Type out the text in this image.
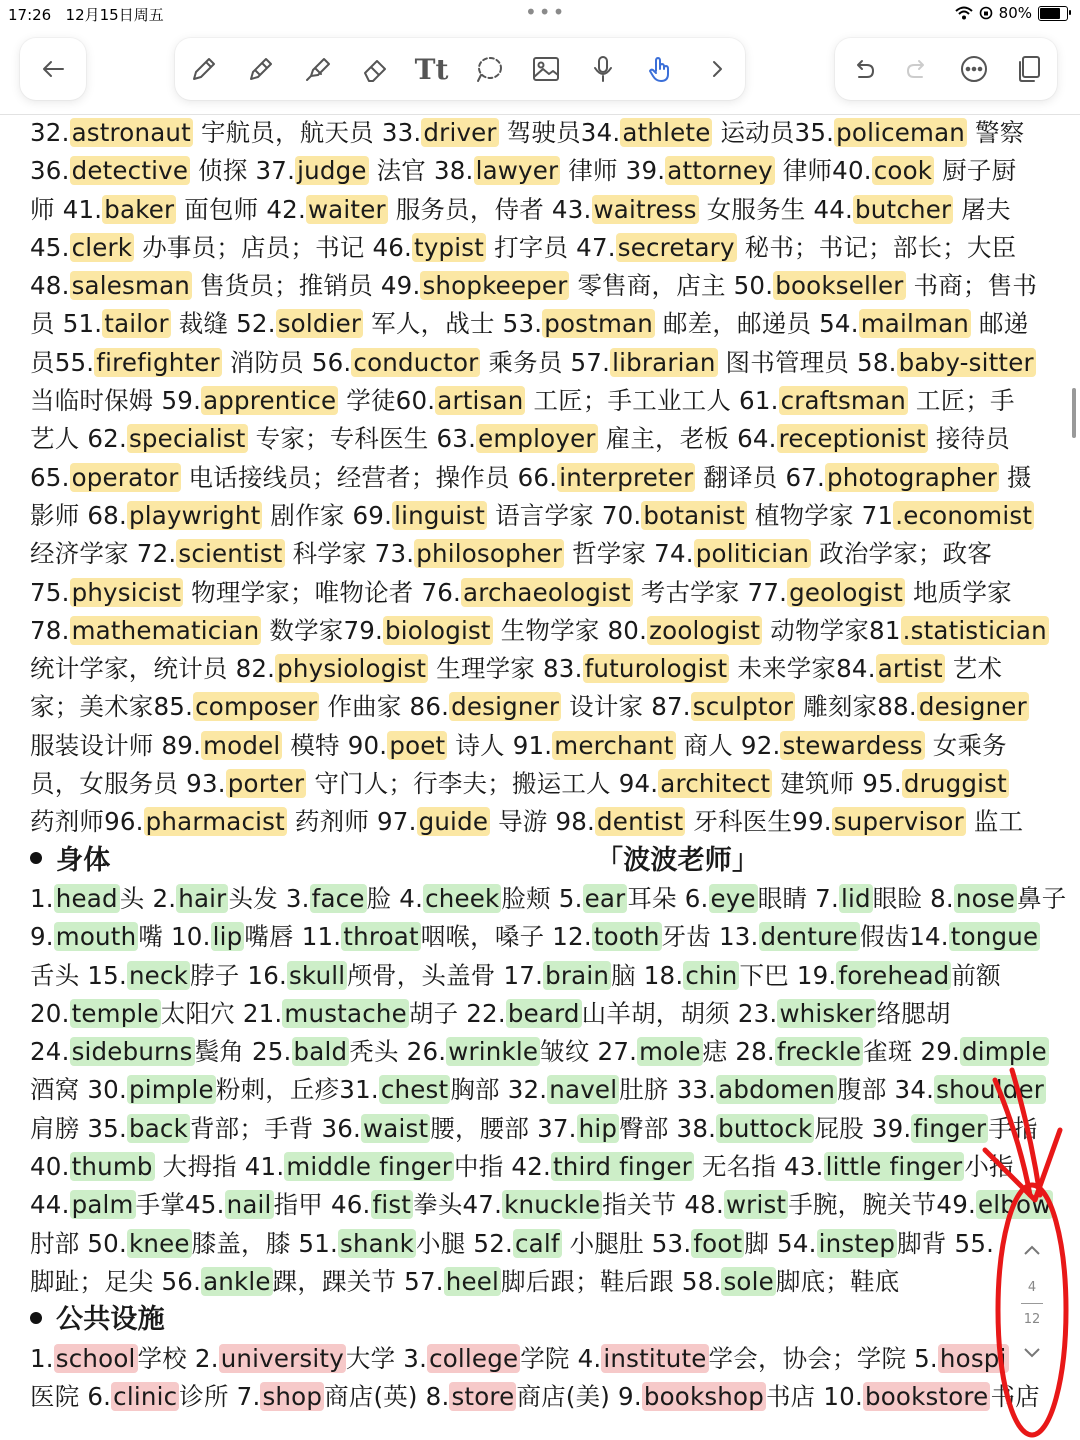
17:26 12月15日周五	•••	80%
Tt
32.astronaut 宇航员，航天员 33.driver 驾驶员34.athlete 运动员35.policeman 警察
36.detective 侦探 37.judge 法官 38.lawyer 律师 39.attorney 律师40.cook 厨子厨
师 41.baker 面包师 42.waiter 服务员，侍者 43.waitress 女服务生 44.butcher 屠夫
45.clerk 办事员；店员；书记 46.typist 打字员 47.secretary 秘书；书记；部长；大臣
48.salesman 售货员；推销员 49.shopkeeper 零售商，店主 50.bookseller 书商；售书
员 51.tailor 裁缝 52.soldier 军人，战士 53.postman 邮差，邮递员 54.mailman 邮递
员55.firefighter 消防员 56.conductor 乘务员 57.librarian 图书管理员 58.baby-sitter
当临时保姆 59.apprentice 学徒60.artisan 工匠；手工业工人 61.craftsman 工匠；手
艺人 62.specialist 专家；专科医生 63.employer 雇主，老板 64.receptionist 接待员
65.operator 电话接线员；经营者；操作员 66.interpreter 翻译员 67.photographer 摄
影师 68.playwright 剧作家 69.linguist 语言学家 70.botanist 植物学家 71.economist
经济学家 72.scientist 科学家 73.philosopher 哲学家 74.politician 政治学家；政客
75.physicist 物理学家；唯物论者 76.archaeologist 考古学家 77.geologist 地质学家
78.mathematician 数学家79.biologist 生物学家 80.zoologist 动物学家81.statistician
统计学家，统计员 82.physiologist 生理学家 83.futurologist 未来学家84.artist 艺术
家；美术家85.composer 作曲家 86.designer 设计家 87.sculptor 雕刻家88.designer
服装设计师 89.model 模特 90.poet 诗人 91.merchant 商人 92.stewardess 女乘务
员，女服务员 93.porter 守门人；行李夫；搬运工人 94.architect 建筑师 95.druggist
药剂师96.pharmacist 药剂师 97.guide 导游 98.dentist 牙科医生99.supervisor 监工
身体	「波波老师」
1.head头 2.hair头发 3.face脸 4.cheek脸颊 5.ear耳朵 6.eye眼睛 7.lid眼睑 8.nose鼻子
9.mouth嘴 10.lip嘴唇 11.throat咽喉，嗓子 12.tooth牙齿 13.denture假齿14.tongue
舌头 15.neck脖子 16.skull颅骨，头盖骨 17.brain脑 18.chin下巴 19.forehead前额
20.temple太阳穴 21.mustache胡子 22.beard山羊胡，胡须 23.whisker络腮胡
24.sideburns鬓角 25.bald秃头 26.wrinkle皱纹 27.mole痣 28.freckle雀斑 29.dimple
酒窝 30.pimple粉刺，丘疹31.chest胸部 32.navel肚脐 33.abdomen腹部 34.shoulder
肩膀 35.back背部；手背 36.waist腰，腰部 37.hip臀部 38.buttock屁股 39.finger手指
40.thumb 大拇指 41.middle finger中指 42.third finger 无名指 43.little finger小指
44.palm手掌45.nail指甲 46.fist拳头47.knuckle指关节 48.wrist手腕，腕关节49.elbow
肘部 50.knee膝盖，膝 51.shank小腿 52.calf 小腿肚 53.foot脚 54.instep脚背 55.
脚趾；足尖 56.ankle踝，踝关节 57.heel脚后跟；鞋后跟 58.sole脚底；鞋底
公共设施
1.school学校 2.university大学 3.college学院 4.institute学会，协会；学院 5.hospi
医院 6.clinic诊所 7.shop商店(英) 8.store商店(美) 9.bookshop书店 10.bookstore书店
4
12
